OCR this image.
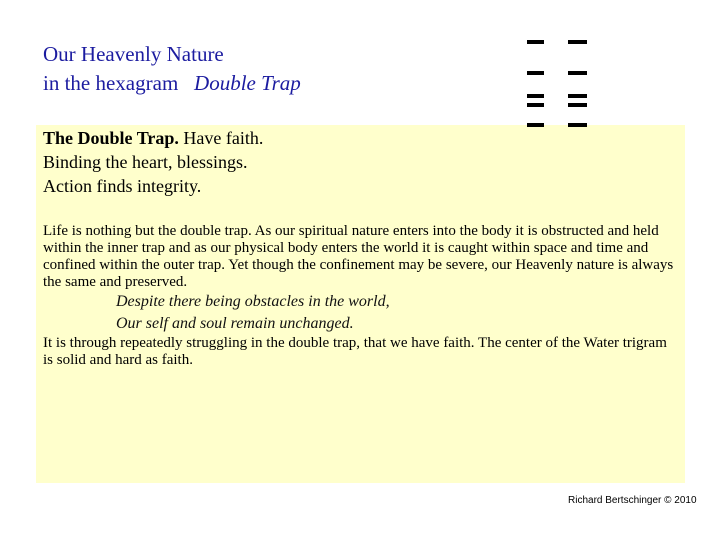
Our Heavenly Nature
in the hexagram Double Trap
The Double Trap. Have faith.
Binding the heart, blessings.
Action finds integrity.

Life is nothing but the double trap. As our spiritual nature enters into the body it is obstructed and held within the inner trap and as our physical body enters the world it is caught within space and time and confined within the outer trap. Yet though the confinement may be severe, our Heavenly nature is always the same and preserved.

Despite there being obstacles in the world,

Our self and soul remain unchanged.

It is through repeatedly struggling in the double trap, that we have faith. The center of the Water trigram is solid and hard as faith.

Richard Bertschinger © 2010
